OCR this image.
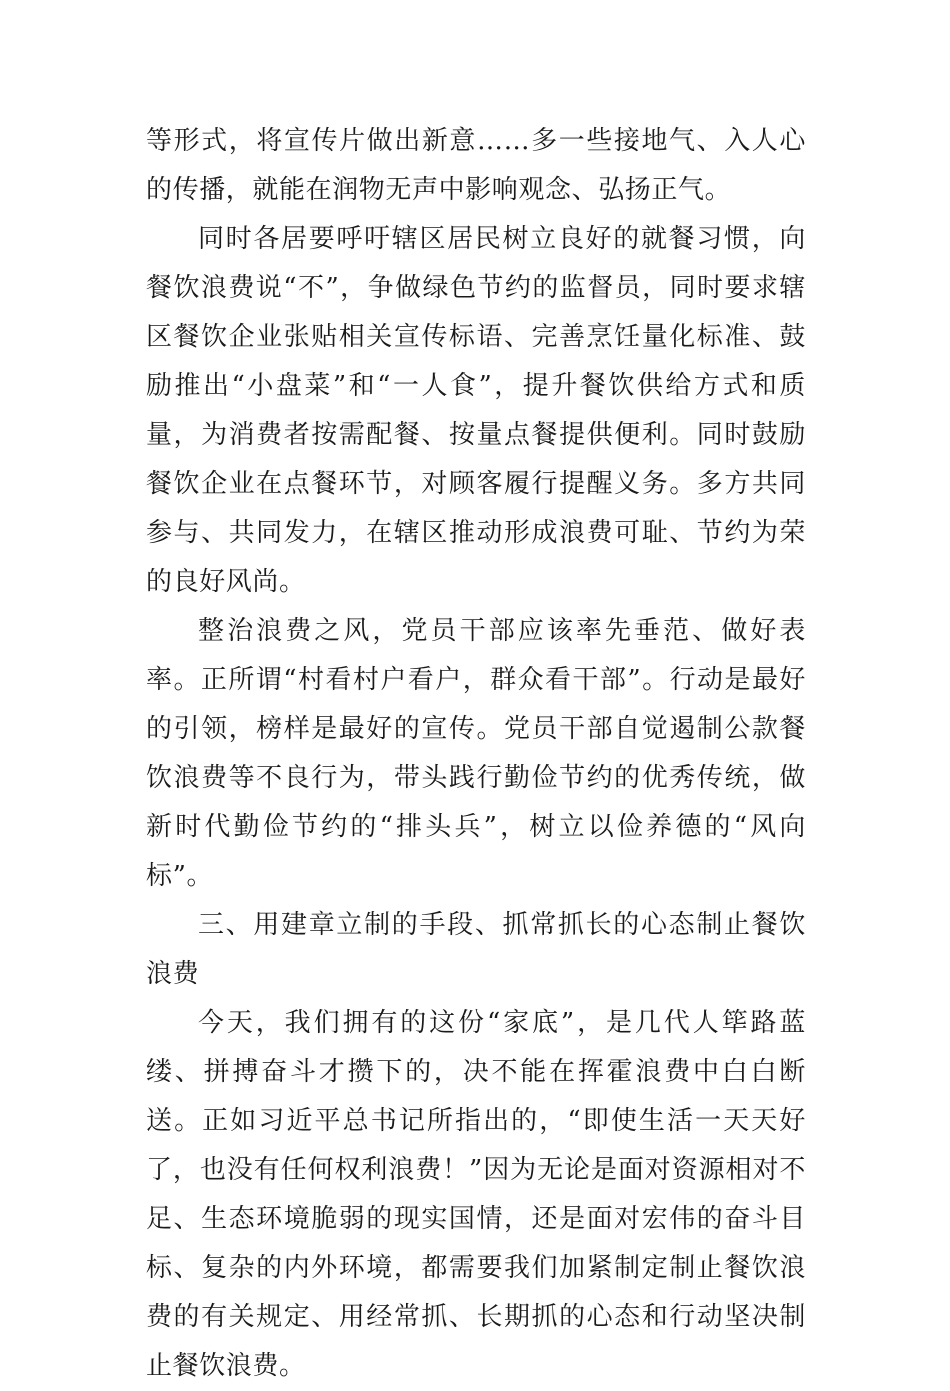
等形式，将宣传片做出新意……多一些接地气、入人心的传播，就能在润物无声中影响观念、弘扬正气。

同时各居要呼吁辖区居民树立良好的就餐习惯，向餐饮浪费说“不”，争做绿色节约的监督员，同时要求辖区餐饮企业张贴相关宣传标语、完善烹饪量化标准、鼓励推出“小盘菜”和“一人食”，提升餐饮供给方式和质量，为消费者按需配餐、按量点餐提供便利。同时鼓励餐饮企业在点餐环节，对顾客履行提醒义务。多方共同参与、共同发力，在辖区推动形成浪费可耻、节约为荣的良好风尚。

整治浪费之风，党员干部应该率先垂范、做好表率。正所谓“村看村户看户，群众看干部”。行动是最好的引领，榜样是最好的宣传。党员干部自觉遏制公款餐饮浪费等不良行为，带头践行勤俭节约的优秀传统，做新时代勤俭节约的“排头兵”，树立以俭养德的“风向标”。

三、用建章立制的手段、抓常抓长的心态制止餐饮浪费

今天，我们拥有的这份“家底”，是几代人筚路蓝缕、拼搏奋斗才攒下的，决不能在挥霍浪费中白白断送。正如习近平总书记所指出的，“即使生活一天天好了，也没有任何权利浪费！”因为无论是面对资源相对不足、生态环境脆弱的现实国情，还是面对宏伟的奋斗目标、复杂的内外环境，都需要我们加紧制定制止餐饮浪费的有关规定、用经常抓、长期抓的心态和行动坚决制止餐饮浪费。
